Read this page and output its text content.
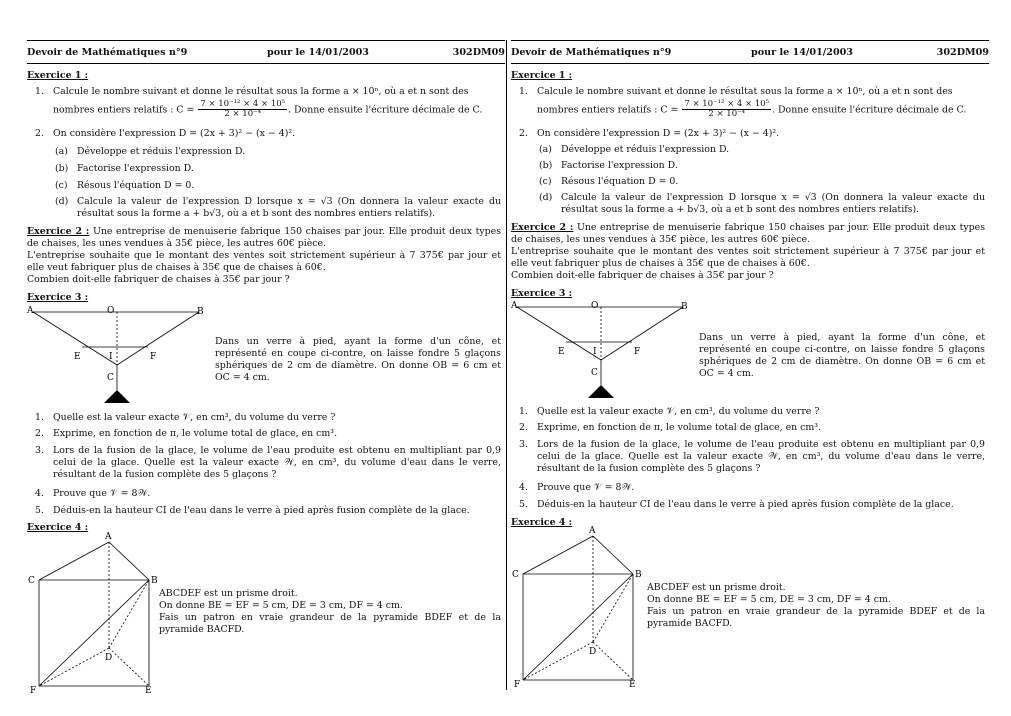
Devoir de Mathématiques n°9	pour le 14/01/2003	302DM09
Exercice 1 :
1. Calcule le nombre suivant et donne le résultat sous la forme a × 10ⁿ, où a et n sont des
nombres entiers relatifs : $C = \frac{\text{7 × 10⁻¹² × 4 × 10⁵}}{\text{2 × 10⁻⁴}}$ . Donne ensuite l'écriture décimale de C.
2. On considère l'expression D = (2x + 3)² − (x − 4)².
(a) Développe et réduis l'expression D.
(b) Factorise l'expression D.
(c) Résous l'équation D = 0.
(d) Calcule la valeur de l'expression D lorsque x = √3 (On donnera la valeur exacte du résultat sous la forme a + b√3, où a et b sont des nombres entiers relatifs).
Exercice 2 : Une entreprise de menuiserie fabrique 150 chaises par jour. Elle produit deux types de chaises, les unes vendues à 35€ pièce, les autres 60€ pièce.
L'entreprise souhaite que le montant des ventes soit strictement supérieur à 7 375€ par jour et elle veut fabriquer plus de chaises à 35€ que de chaises à 60€.
Combien doit-elle fabriquer de chaises à 35€ par jour ?
Exercice 3 :
A	O	B
E	I	F
C
Dans un verre à pied, ayant la forme d'un cône, et représenté en coupe ci-contre, on laisse fondre 5 glaçons sphériques de 2 cm de diamètre. On donne OB = 6 cm et OC = 4 cm.
1. Quelle est la valeur exacte 𝒱, en cm³, du volume du verre ?
2. Exprime, en fonction de π, le volume total de glace, en cm³.
3. Lors de la fusion de la glace, le volume de l'eau produite est obtenu en multipliant par 0,9 celui de la glace. Quelle est la valeur exacte 𝒲, en cm³, du volume d'eau dans le verre, résultant de la fusion complète des 5 glaçons ?
4. Prouve que 𝒱 = 8𝒲.
5. Déduis-en la hauteur CI de l'eau dans le verre à pied après fusion complète de la glace.
Exercice 4 :
A
B
C
D
E
F
ABCDEF est un prisme droit.
On donne BE = EF = 5 cm, DE = 3 cm, DF = 4 cm.
Fais un patron en vraie grandeur de la pyramide BDEF et de la pyramide BACFD.
Devoir de Mathématiques n°9	pour le 14/01/2003	302DM09
Exercice 1 :
1. Calcule le nombre suivant et donne le résultat sous la forme a × 10ⁿ, où a et n sont des
nombres entiers relatifs : $C = \frac{\text{7 × 10⁻¹² × 4 × 10⁵}}{\text{2 × 10⁻⁴}}$ . Donne ensuite l'écriture décimale de C.
2. On considère l'expression D = (2x + 3)² − (x − 4)².
(a) Développe et réduis l'expression D.
(b) Factorise l'expression D.
(c) Résous l'équation D = 0.
(d) Calcule la valeur de l'expression D lorsque x = √3 (On donnera la valeur exacte du résultat sous la forme a + b√3, où a et b sont des nombres entiers relatifs).
Exercice 2 : Une entreprise de menuiserie fabrique 150 chaises par jour. Elle produit deux types de chaises, les unes vendues à 35€ pièce, les autres 60€ pièce.
L'entreprise souhaite que le montant des ventes soit strictement supérieur à 7 375€ par jour et elle veut fabriquer plus de chaises à 35€ que de chaises à 60€.
Combien doit-elle fabriquer de chaises à 35€ par jour ?
Exercice 3 :
A	O	B
E	I	F
C
Dans un verre à pied, ayant la forme d'un cône, et représenté en coupe ci-contre, on laisse fondre 5 glaçons sphériques de 2 cm de diamètre. On donne OB = 6 cm et OC = 4 cm.
1. Quelle est la valeur exacte 𝒱, en cm³, du volume du verre ?
2. Exprime, en fonction de π, le volume total de glace, en cm³.
3. Lors de la fusion de la glace, le volume de l'eau produite est obtenu en multipliant par 0,9 celui de la glace. Quelle est la valeur exacte 𝒲, en cm³, du volume d'eau dans le verre, résultant de la fusion complète des 5 glaçons ?
4. Prouve que 𝒱 = 8𝒲.
5. Déduis-en la hauteur CI de l'eau dans le verre à pied après fusion complète de la glace.
Exercice 4 :
A
B
C
D
E
F
ABCDEF est un prisme droit.
On donne BE = EF = 5 cm, DE = 3 cm, DF = 4 cm.
Fais un patron en vraie grandeur de la pyramide BDEF et de la pyramide BACFD.
